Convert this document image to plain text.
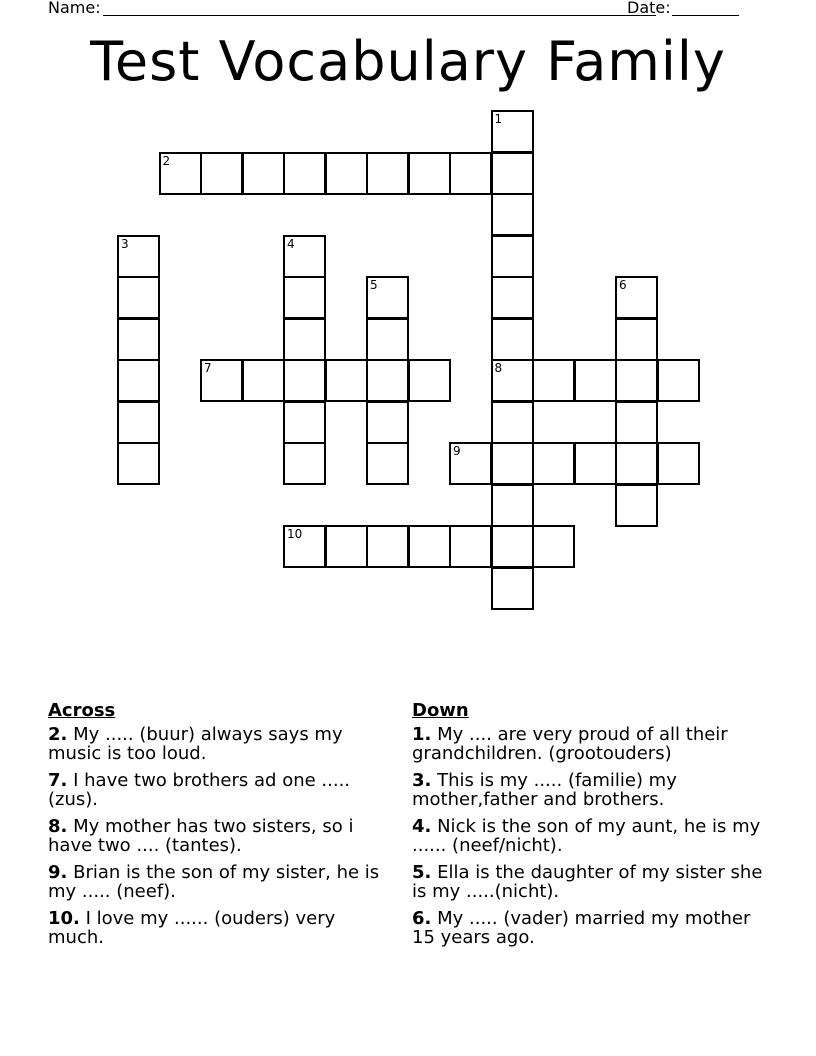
Name:	Date:
Test Vocabulary Family
1
8
2
3	4
5	6
7
9
10
Across
2. My ..... (buur) always says my music is too loud.
7. I have two brothers ad one ..... (zus).
8. My mother has two sisters, so i have two .... (tantes).
9. Brian is the son of my sister, he is my ..... (neef).
10. I love my ...... (ouders) very much.
Down
1. My .... are very proud of all their grandchildren. (grootouders)
3. This is my ..... (familie) my mother,father and brothers.
4. Nick is the son of my aunt, he is my ...... (neef/nicht).
5. Ella is the daughter of my sister she is my .....(nicht).
6. My ..... (vader) married my mother 15 years ago.
